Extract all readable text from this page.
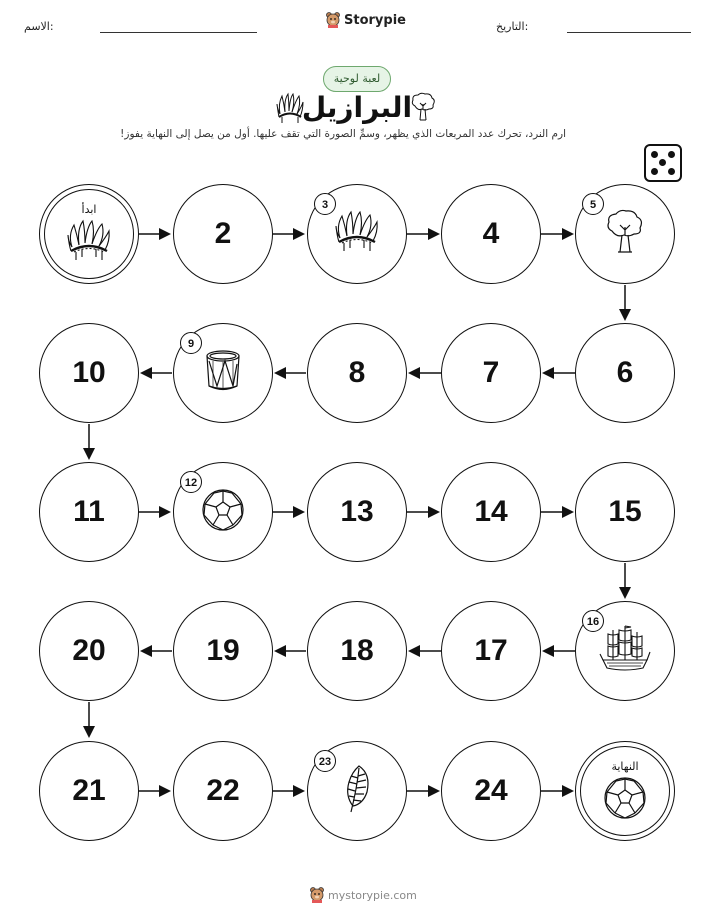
الاسم:	Storypie	التاريخ:
لعبة لوحية
البرازيل
ارم النرد، تحرك عدد المربعات الذي يظهر، وسمِّ الصورة التي تقف عليها. أول من يصل إلى النهاية يفوز!
ابدأ
2
3
4
5
6
7
8
9
10
11
12
13	14	15
16
17
18
19
20
21	22
23
24
النهاية
mystorypie.com
